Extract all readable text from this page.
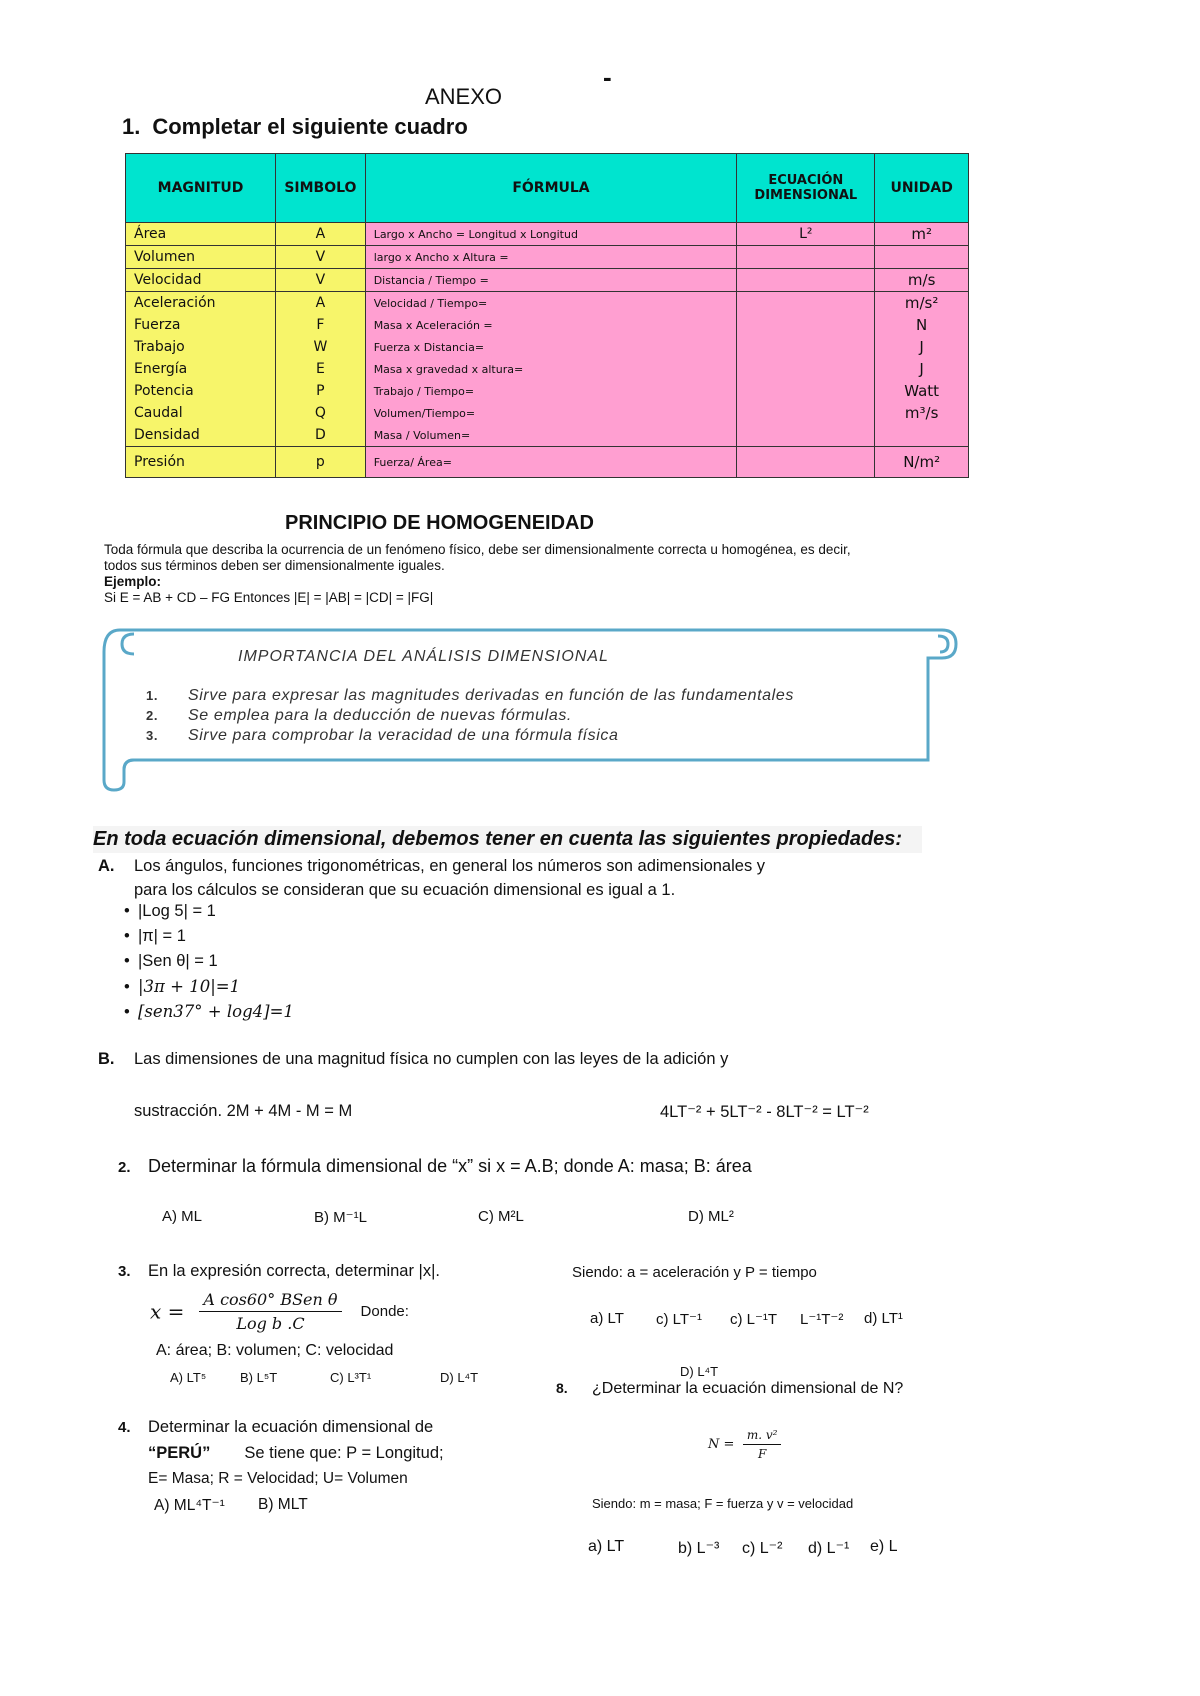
-
ANEXO
1. Completar el siguiente cuadro
MAGNITUD	SIMBOLO	FÓRMULA	ECUACIÓN DIMENSIONAL	UNIDAD
Área	A	Largo x Ancho = Longitud x Longitud	L²	m²
Volumen	V	largo x Ancho x Altura =		
Velocidad	V	Distancia / Tiempo =		m/s
Aceleración	A	Velocidad / Tiempo=		m/s²
Fuerza	F	Masa x Aceleración =		N
Trabajo	W	Fuerza x Distancia=		J
Energía	E	Masa x gravedad x altura=		J
Potencia	P	Trabajo / Tiempo=		Watt
Caudal	Q	Volumen/Tiempo=		m³/s
Densidad	D	Masa / Volumen=		
Presión	p	Fuerza/ Área=		N/m²
PRINCIPIO DE HOMOGENEIDAD
Toda fórmula que describa la ocurrencia de un fenómeno físico, debe ser dimensionalmente correcta u homogénea, es decir, todos sus términos deben ser dimensionalmente iguales.
Ejemplo:
Si E = AB + CD – FG Entonces |E| = |AB| = |CD| = |FG|
IMPORTANCIA DEL ANÁLISIS DIMENSIONAL
1. Sirve para expresar las magnitudes derivadas en función de las fundamentales
2. Se emplea para la deducción de nuevas fórmulas.
3. Sirve para comprobar la veracidad de una fórmula física
En toda ecuación dimensional, debemos tener en cuenta las siguientes propiedades:
A. Los ángulos, funciones trigonométricas, en general los números son adimensionales y
para los cálculos se consideran que su ecuación dimensional es igual a 1.
• |Log 5| = 1
• |π| = 1
• |Sen θ| = 1
• |3π + 10|=1
• [sen37° + log4]=1
B. Las dimensiones de una magnitud física no cumplen con las leyes de la adición y
sustracción. 2M + 4M - M = M	4LT⁻² + 5LT⁻² - 8LT⁻² = LT⁻²
2. Determinar la fórmula dimensional de “x” si x = A.B; donde A: masa; B: área
A) ML	B) M⁻¹L	C) M²L	D) ML²
3. En la expresión correcta, determinar |x|.
$x = \frac{\text{A cos60° BSen θ}}{\text{Log b .C}}$ Donde:
A: área; B: volumen; C: velocidad
A) LT⁵	B) L⁵T	C) L³T¹	D) L⁴T
Siendo: a = aceleración y P = tiempo
a) LT c) LT⁻¹ c) L⁻¹T L⁻¹T⁻² d) LT¹
D) L⁴T
8. ¿Determinar la ecuación dimensional de N?
$N = \frac{\text{m. v²}}{F}$
Siendo: m = masa; F = fuerza y v = velocidad
a) LT	b) L⁻³ c) L⁻² d) L⁻¹ e) L
4. Determinar la ecuación dimensional de
“PERÚ” Se tiene que: P = Longitud;
E= Masa; R = Velocidad; U= Volumen
A) ML⁴T⁻¹ B) MLT
